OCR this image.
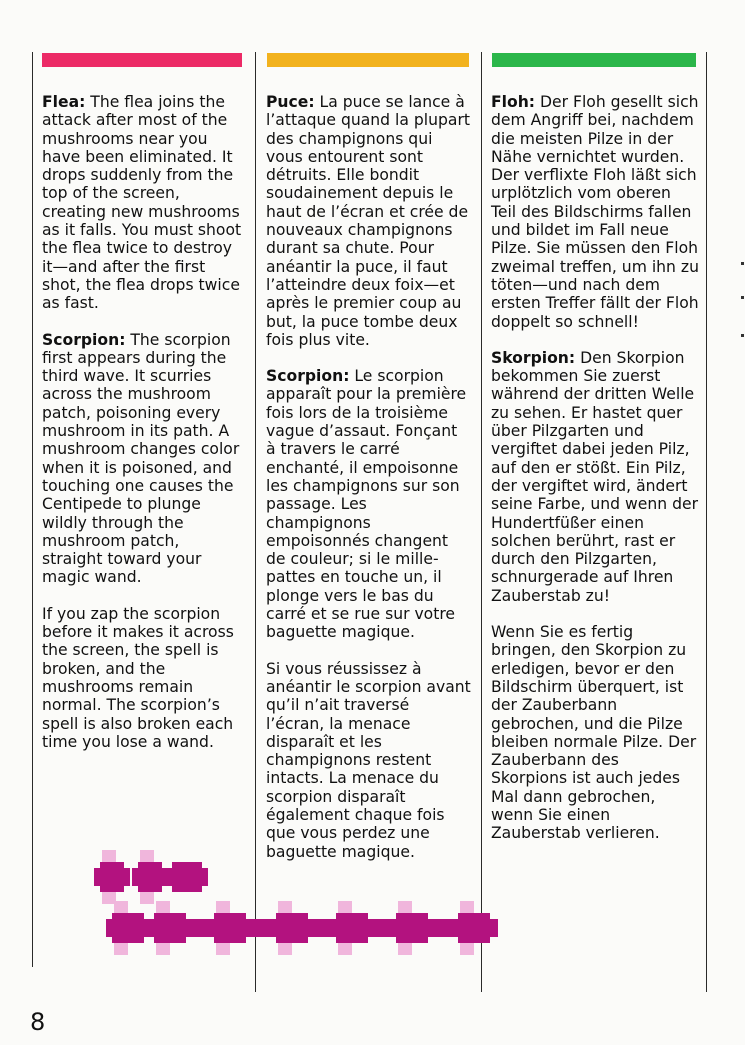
Flea: The flea joins the attack after most of the mushrooms near you have been eliminated. It drops suddenly from the top of the screen, creating new mushrooms as it falls. You must shoot the flea twice to destroy it—and after the first shot, the flea drops twice as fast.

Scorpion: The scorpion first appears during the third wave. It scurries across the mushroom patch, poisoning every mushroom in its path. A mushroom changes color when it is poisoned, and touching one causes the Centipede to plunge wildly through the mushroom patch, straight toward your magic wand.

If you zap the scorpion before it makes it across the screen, the spell is broken, and the mushrooms remain normal. The scorpion’s spell is also broken each time you lose a wand.

Puce: La puce se lance à l’attaque quand la plupart des champignons qui vous entourent sont détruits. Elle bondit soudainement depuis le haut de l’écran et crée de nouveaux champignons durant sa chute. Pour anéantir la puce, il faut l’atteindre deux foix—et après le premier coup au but, la puce tombe deux fois plus vite.

Scorpion: Le scorpion apparaît pour la première fois lors de la troisième vague d’assaut. Fonçant à travers le carré enchanté, il empoisonne les champignons sur son passage. Les champignons empoisonnés changent de couleur; si le mille-pattes en touche un, il plonge vers le bas du carré et se rue sur votre baguette magique.

Si vous réussissez à anéantir le scorpion avant qu’il n’ait traversé l’écran, la menace disparaît et les champignons restent intacts. La menace du scorpion disparaît également chaque fois que vous perdez une baguette magique.

Floh: Der Floh gesellt sich dem Angriff bei, nachdem die meisten Pilze in der Nähe vernichtet wurden. Der verflixte Floh läßt sich urplötzlich vom oberen Teil des Bildschirms fallen und bildet im Fall neue Pilze. Sie müssen den Floh zweimal treffen, um ihn zu töten—und nach dem ersten Treffer fällt der Floh doppelt so schnell!

Skorpion: Den Skorpion bekommen Sie zuerst während der dritten Welle zu sehen. Er hastet quer über Pilzgarten und vergiftet dabei jeden Pilz, auf den er stößt. Ein Pilz, der vergiftet wird, ändert seine Farbe, und wenn der Hundertfüßer einen solchen berührt, rast er durch den Pilzgarten, schnurgerade auf Ihren Zauberstab zu!

Wenn Sie es fertig bringen, den Skorpion zu erledigen, bevor er den Bildschirm überquert, ist der Zauberbann gebrochen, und die Pilze bleiben normale Pilze. Der Zauberbann des Skorpions ist auch jedes Mal dann gebrochen, wenn Sie einen Zauberstab verlieren.

8
